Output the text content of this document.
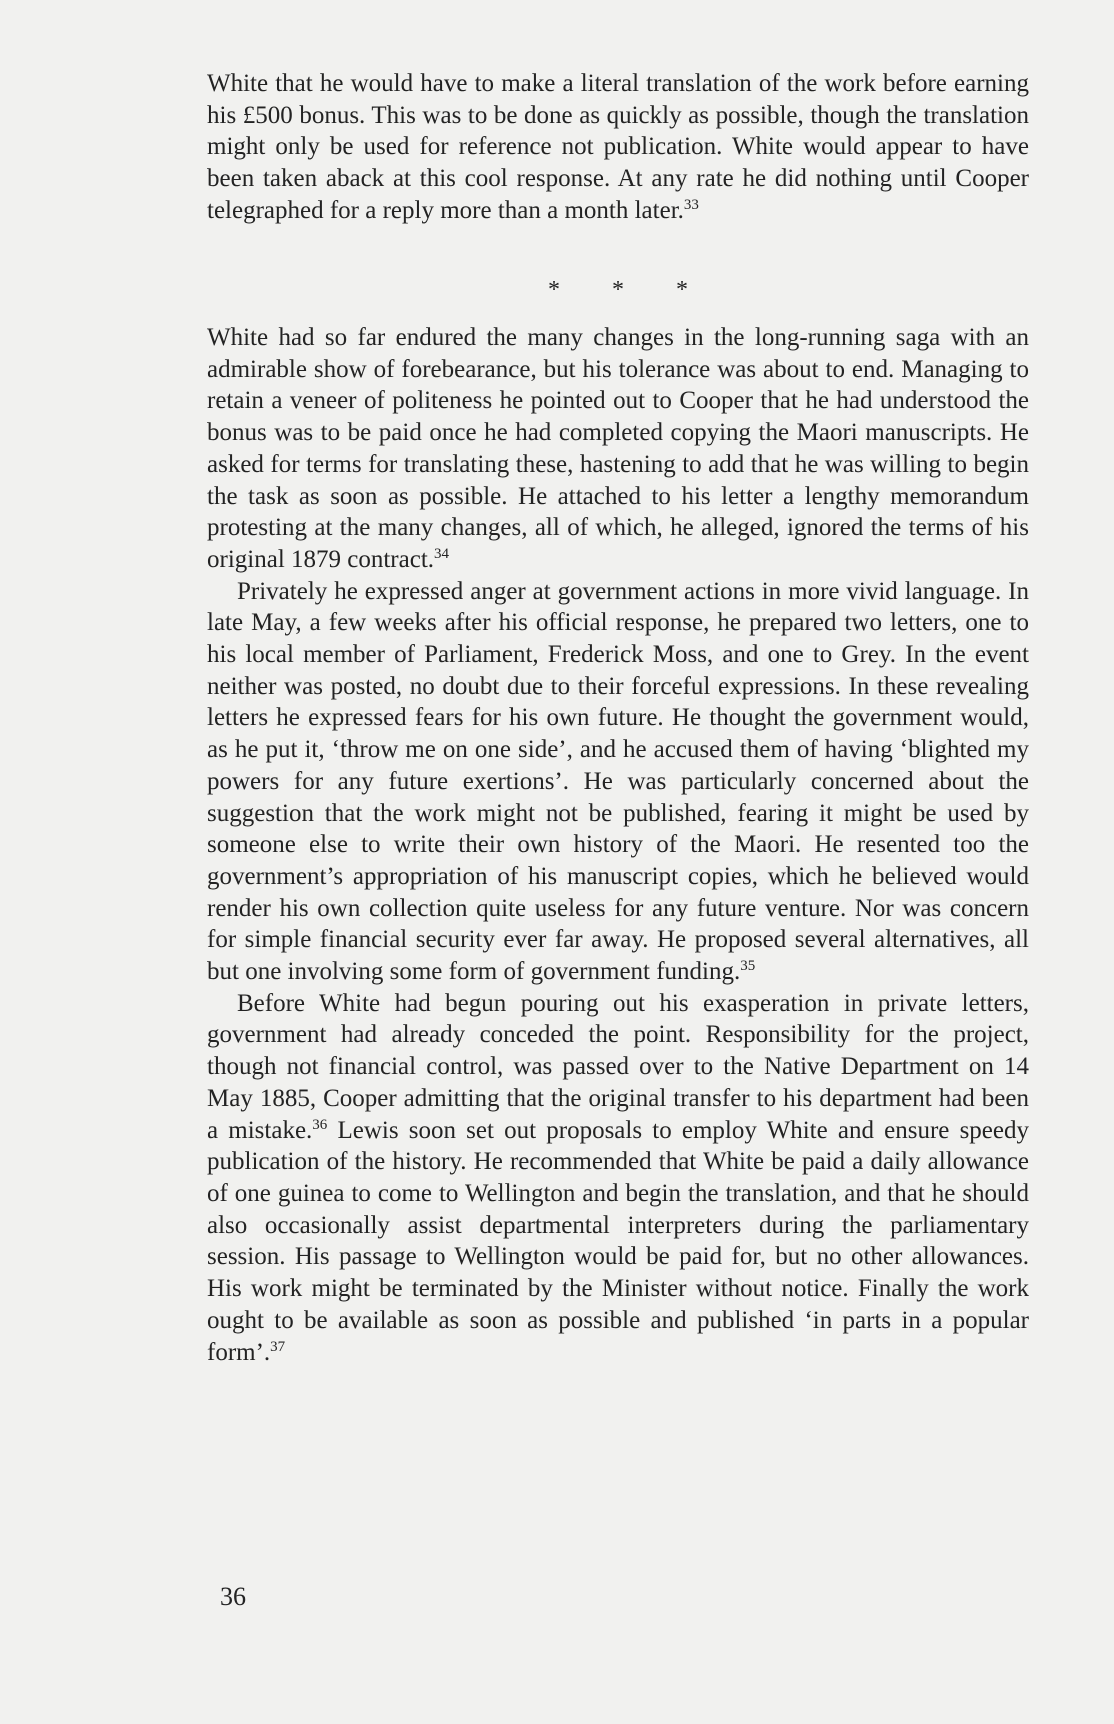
White that he would have to make a literal translation of the work before earning his £500 bonus. This was to be done as quickly as possible, though the translation might only be used for reference not publication. White would appear to have been taken aback at this cool response. At any rate he did nothing until Cooper telegraphed for a reply more than a month later.$^{33}$

* * *

White had so far endured the many changes in the long-running saga with an admirable show of forebearance, but his tolerance was about to end. Managing to retain a veneer of politeness he pointed out to Cooper that he had understood the bonus was to be paid once he had completed copying the Maori manuscripts. He asked for terms for translating these, hastening to add that he was willing to begin the task as soon as possible. He attached to his letter a lengthy memorandum protesting at the many changes, all of which, he alleged, ignored the terms of his original 1879 contract.$^{34}$

Privately he expressed anger at government actions in more vivid language. In late May, a few weeks after his official response, he prepared two letters, one to his local member of Parliament, Frederick Moss, and one to Grey. In the event neither was posted, no doubt due to their forceful expressions. In these revealing letters he expressed fears for his own future. He thought the government would, as he put it, ‘throw me on one side’, and he accused them of having ‘blighted my powers for any future exertions’. He was particularly concerned about the suggestion that the work might not be published, fearing it might be used by someone else to write their own history of the Maori. He resented too the government’s appropriation of his manuscript copies, which he believed would render his own collection quite useless for any future venture. Nor was concern for simple financial security ever far away. He proposed several alternatives, all but one involving some form of government funding.$^{35}$

Before White had begun pouring out his exasperation in private letters, government had already conceded the point. Responsibility for the project, though not financial control, was passed over to the Native Department on 14 May 1885, Cooper admitting that the original transfer to his department had been a mistake.$^{36}$ Lewis soon set out proposals to employ White and ensure speedy publication of the history. He recommended that White be paid a daily allowance of one guinea to come to Wellington and begin the translation, and that he should also occasionally assist departmental interpreters during the parliamentary session. His passage to Wellington would be paid for, but no other allowances. His work might be terminated by the Minister without notice. Finally the work ought to be available as soon as possible and published ‘in parts in a popular form’.$^{37}$

36
